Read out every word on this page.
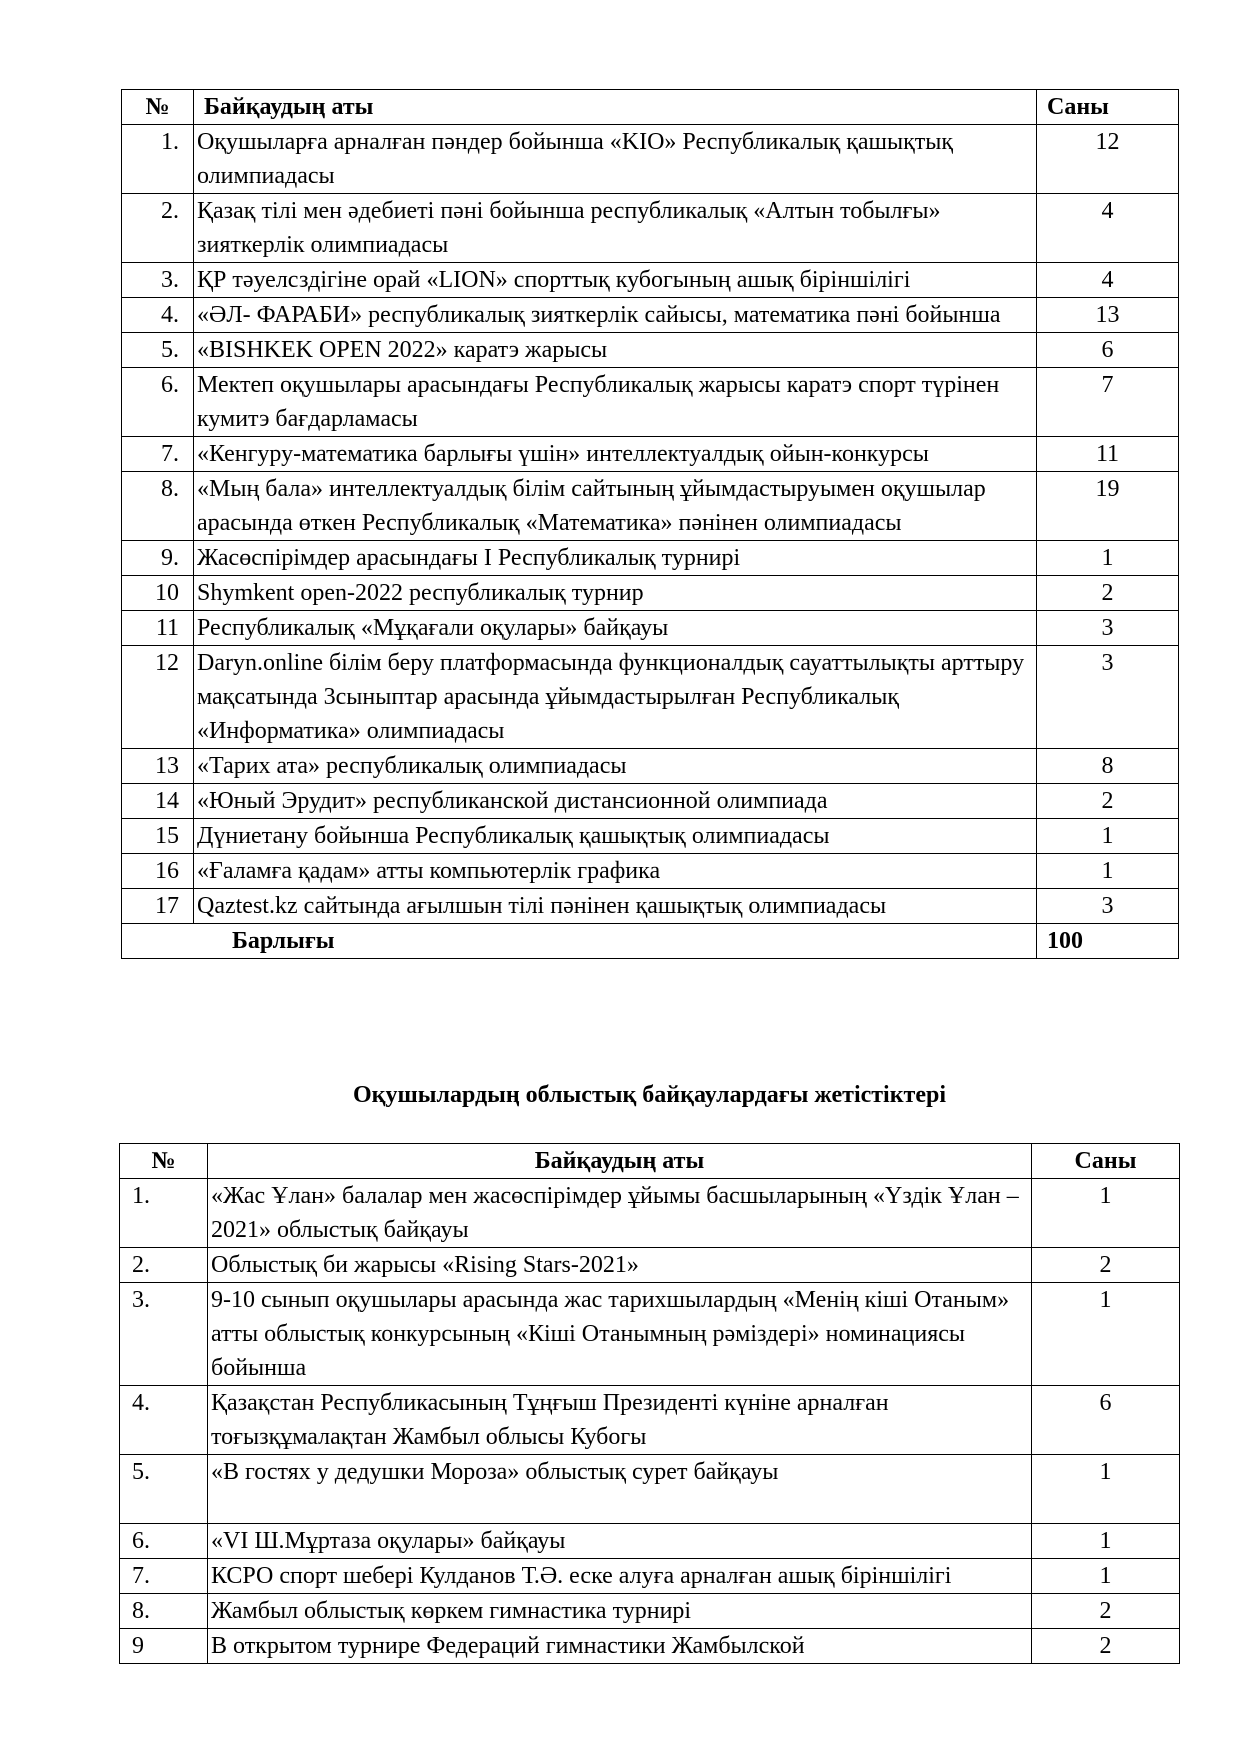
№	Байқаудың аты	Саны
1.	Оқушыларға арналған пәндер бойынша «KIO» Республикалық қашықтық олимпиадасы	12
2.	Қазақ тілі мен әдебиеті пәні бойынша республикалық «Алтын тобылғы» зияткерлік олимпиадасы	4
3.	ҚР тәуелсздігіне орай «LION» спорттық кубогының ашық біріншілігі	4
4.	«ӘЛ- ФАРАБИ» республикалық зияткерлік сайысы, математика пәні бойынша	13
5.	«BISHKEK OPEN 2022» каратэ жарысы	6
6.	Мектеп оқушылары арасындағы Республикалық жарысы каратэ спорт түрінен кумитэ бағдарламасы	7
7.	«Кенгуру-математика барлығы үшін» интеллектуалдық ойын-конкурсы	11
8.	«Мың бала» интеллектуалдық білім сайтының ұйымдастыруымен оқушылар арасында өткен Республикалық «Математика» пәнінен олимпиадасы	19
9.	Жасөспірімдер арасындағы I Республикалық турнирі	1
10	Shymkent open-2022 республикалық турнир	2
11	Республикалық «Мұқағали оқулары» байқауы	3
12	Daryn.online білім беру платформасында функционалдық сауаттылықты арттыру мақсатында 3сыныптар арасында ұйымдастырылған Республикалық «Информатика» олимпиадасы	3
13	«Тарих ата» республикалық олимпиадасы	8
14	«Юный Эрудит» республиканской дистансионной олимпиада	2
15	Дүниетану бойынша Республикалық қашықтық олимпиадасы	1
16	«Ғаламға қадам» атты компьютерлік графика	1
17	Qaztest.kz сайтында ағылшын тілі пәнінен қашықтық олимпиадасы	3
Барлығы		100

Оқушылардың облыстық байқаулардағы жетістіктері

№	Байқаудың аты	Саны
1.	«Жас Ұлан» балалар мен жасөспірімдер ұйымы басшыларының «Үздік Ұлан – 2021» облыстық байқауы	1
2.	Облыстық би жарысы «Rising Stars-2021»	2
3.	9-10 сынып оқушылары арасында жас тарихшылардың «Менің кіші Отаным» атты облыстық конкурсының «Кіші Отанымның рәміздері» номинациясы бойынша	1
4.	Қазақстан Республикасының Тұңғыш Президенті күніне арналған тоғызқұмалақтан Жамбыл облысы Кубогы	6
5.	«В гостях у дедушки Мороза» облыстық сурет байқауы	1
6.	«VI Ш.Мұртаза оқулары» байқауы	1
7.	КСРО спорт шебері Кулданов Т.Ә. еске алуға арналған ашық біріншілігі	1
8.	Жамбыл облыстық көркем гимнастика турнирі	2
9	В открытом турнире Федераций гимнастики Жамбылской	2
